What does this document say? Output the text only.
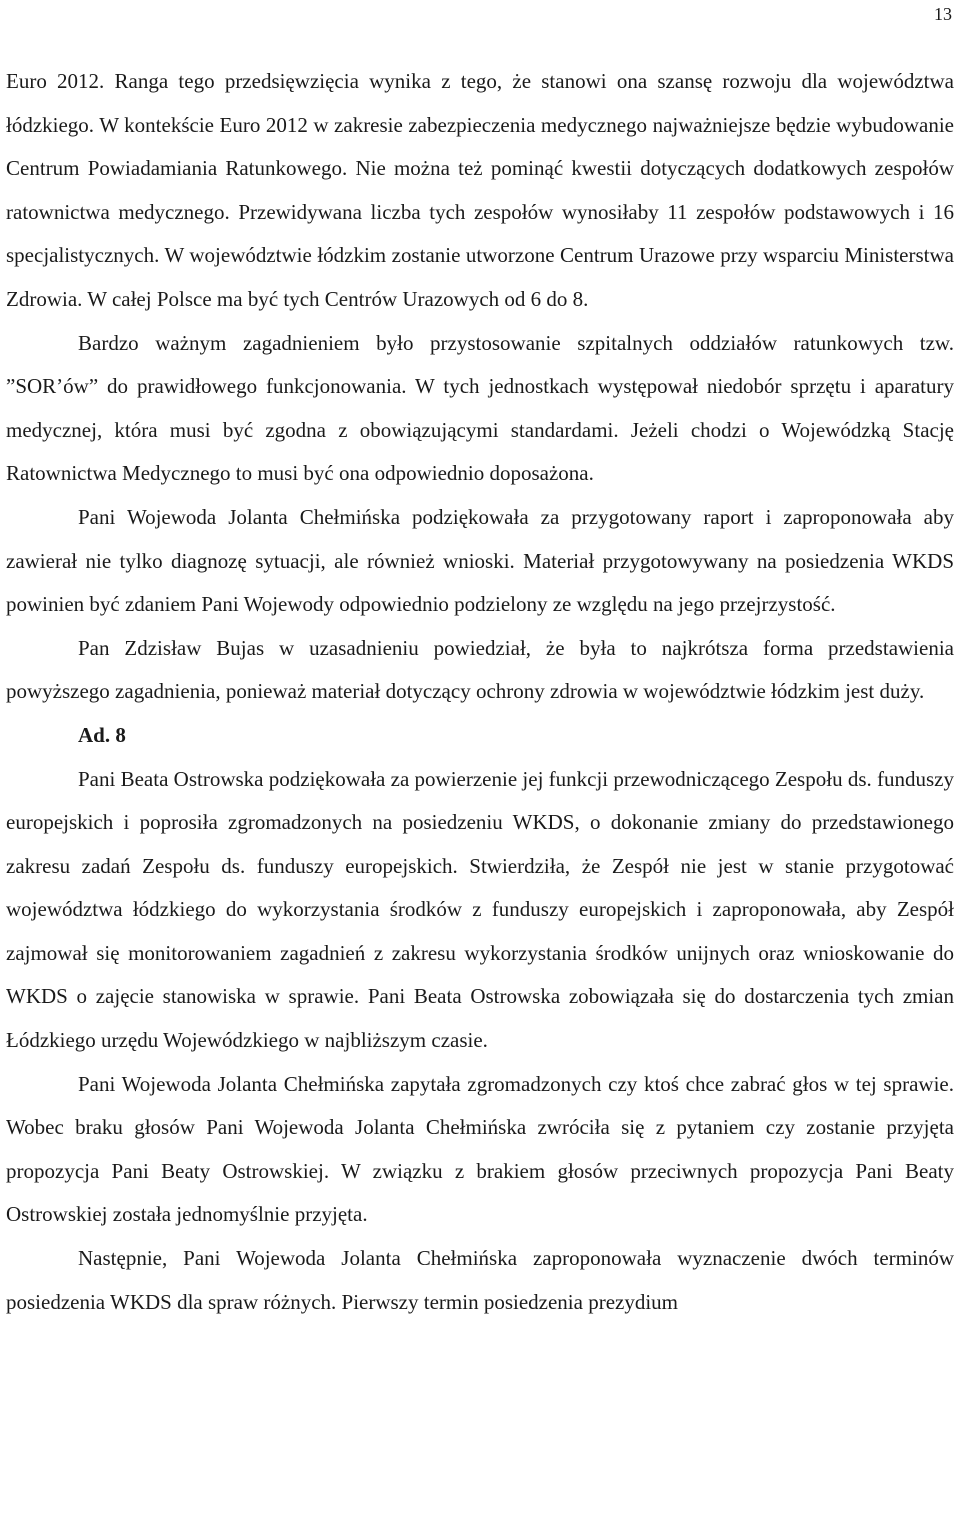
13

Euro 2012. Ranga tego przedsięwzięcia wynika z tego, że stanowi ona szansę rozwoju dla województwa łódzkiego. W kontekście Euro 2012 w zakresie zabezpieczenia medycznego najważniejsze będzie wybudowanie Centrum Powiadamiania Ratunkowego. Nie można też pominąć kwestii dotyczących dodatkowych zespołów ratownictwa medycznego. Przewidywana liczba tych zespołów wynosiłaby 11 zespołów podstawowych i 16 specjalistycznych. W województwie łódzkim zostanie utworzone Centrum Urazowe przy wsparciu Ministerstwa Zdrowia. W całej Polsce ma być tych Centrów Urazowych od 6 do 8.

Bardzo ważnym zagadnieniem było przystosowanie szpitalnych oddziałów ratunkowych tzw. ”SOR’ów” do prawidłowego funkcjonowania. W tych jednostkach występował niedobór sprzętu i aparatury medycznej, która musi być zgodna z obowiązującymi standardami. Jeżeli chodzi o Wojewódzką Stację Ratownictwa Medycznego to musi być ona odpowiednio doposażona.

Pani Wojewoda Jolanta Chełmińska podziękowała za przygotowany raport i zaproponowała aby zawierał nie tylko diagnozę sytuacji, ale również wnioski. Materiał przygotowywany na posiedzenia WKDS powinien być zdaniem Pani Wojewody odpowiednio podzielony ze względu na jego przejrzystość.

Pan Zdzisław Bujas w uzasadnieniu powiedział, że była to najkrótsza forma przedstawienia powyższego zagadnienia, ponieważ materiał dotyczący ochrony zdrowia w województwie łódzkim jest duży.

Ad. 8

Pani Beata Ostrowska podziękowała za powierzenie jej funkcji przewodniczącego Zespołu ds. funduszy europejskich i poprosiła zgromadzonych na posiedzeniu WKDS, o dokonanie zmiany do przedstawionego zakresu zadań Zespołu ds. funduszy europejskich. Stwierdziła, że Zespół nie jest w stanie przygotować województwa łódzkiego do wykorzystania środków z funduszy europejskich i zaproponowała, aby Zespół zajmował się monitorowaniem zagadnień z zakresu wykorzystania środków unijnych oraz wnioskowanie do WKDS o zajęcie stanowiska w sprawie. Pani Beata Ostrowska zobowiązała się do dostarczenia tych zmian Łódzkiego urzędu Wojewódzkiego w najbliższym czasie.

Pani Wojewoda Jolanta Chełmińska zapytała zgromadzonych czy ktoś chce zabrać głos w tej sprawie. Wobec braku głosów Pani Wojewoda Jolanta Chełmińska zwróciła się z pytaniem czy zostanie przyjęta propozycja Pani Beaty Ostrowskiej. W związku z brakiem głosów przeciwnych propozycja Pani Beaty Ostrowskiej została jednomyślnie przyjęta.

Następnie, Pani Wojewoda Jolanta Chełmińska zaproponowała wyznaczenie dwóch terminów posiedzenia WKDS dla spraw różnych. Pierwszy termin posiedzenia prezydium
